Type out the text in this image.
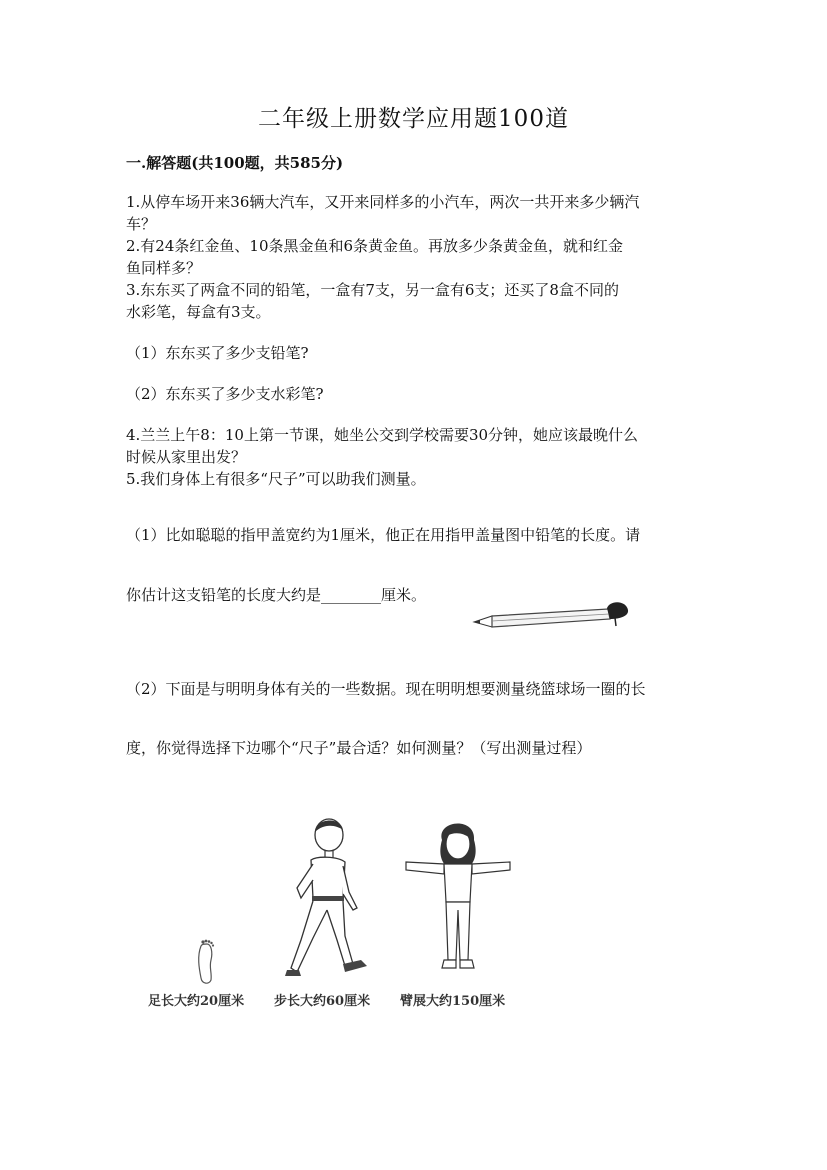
二年级上册数学应用题100道
一.解答题(共100题，共585分)
1.从停车场开来36辆大汽车，又开来同样多的小汽车，两次一共开来多少辆汽
车？
2.有24条红金鱼、10条黑金鱼和6条黄金鱼。再放多少条黄金鱼，就和红金
鱼同样多？
3.东东买了两盒不同的铅笔，一盒有7支，另一盒有6支；还买了8盒不同的
水彩笔，每盒有3支。
（1）东东买了多少支铅笔?
（2）东东买了多少支水彩笔?
4.兰兰上午8：10上第一节课，她坐公交到学校需要30分钟，她应该最晚什么
时候从家里出发？
5.我们身体上有很多“尺子”可以助我们测量。
（1）比如聪聪的指甲盖宽约为1厘米，他正在用指甲盖量图中铅笔的长度。请
你估计这支铅笔的长度大约是________厘米。
（2）下面是与明明身体有关的一些数据。现在明明想要测量绕篮球场一圈的长
度，你觉得选择下边哪个“尺子”最合适？如何测量？（写出测量过程）
足长大约20厘米 步长大约60厘米 臂展大约150厘米
